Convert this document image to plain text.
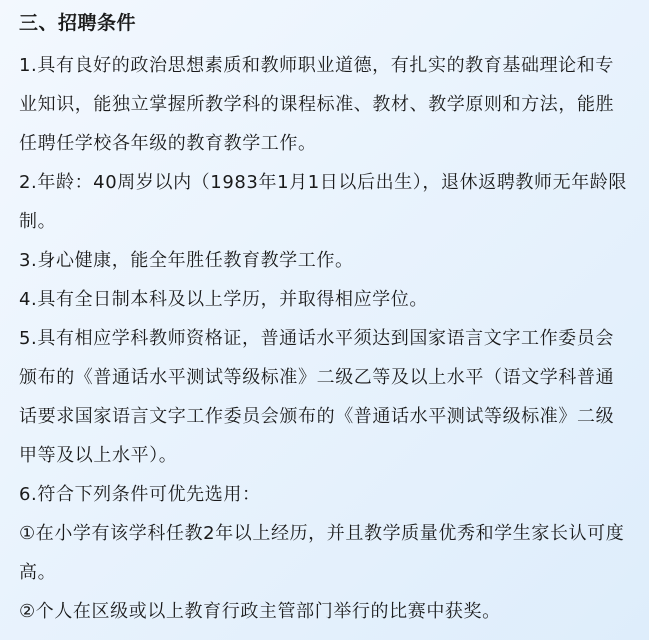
三、招聘条件

1.具有良好的政治思想素质和教师职业道德，有扎实的教育基础理论和专业知识，能独立掌握所教学科的课程标准、教材、教学原则和方法，能胜任聘任学校各年级的教育教学工作。

2.年龄：40周岁以内（1983年1月1日以后出生），退休返聘教师无年龄限制。

3.身心健康，能全年胜任教育教学工作。

4.具有全日制本科及以上学历，并取得相应学位。

5.具有相应学科教师资格证，普通话水平须达到国家语言文字工作委员会颁布的《普通话水平测试等级标准》二级乙等及以上水平（语文学科普通话要求国家语言文字工作委员会颁布的《普通话水平测试等级标准》二级甲等及以上水平）。

6.符合下列条件可优先选用：

①在小学有该学科任教2年以上经历，并且教学质量优秀和学生家长认可度高。

②个人在区级或以上教育行政主管部门举行的比赛中获奖。
